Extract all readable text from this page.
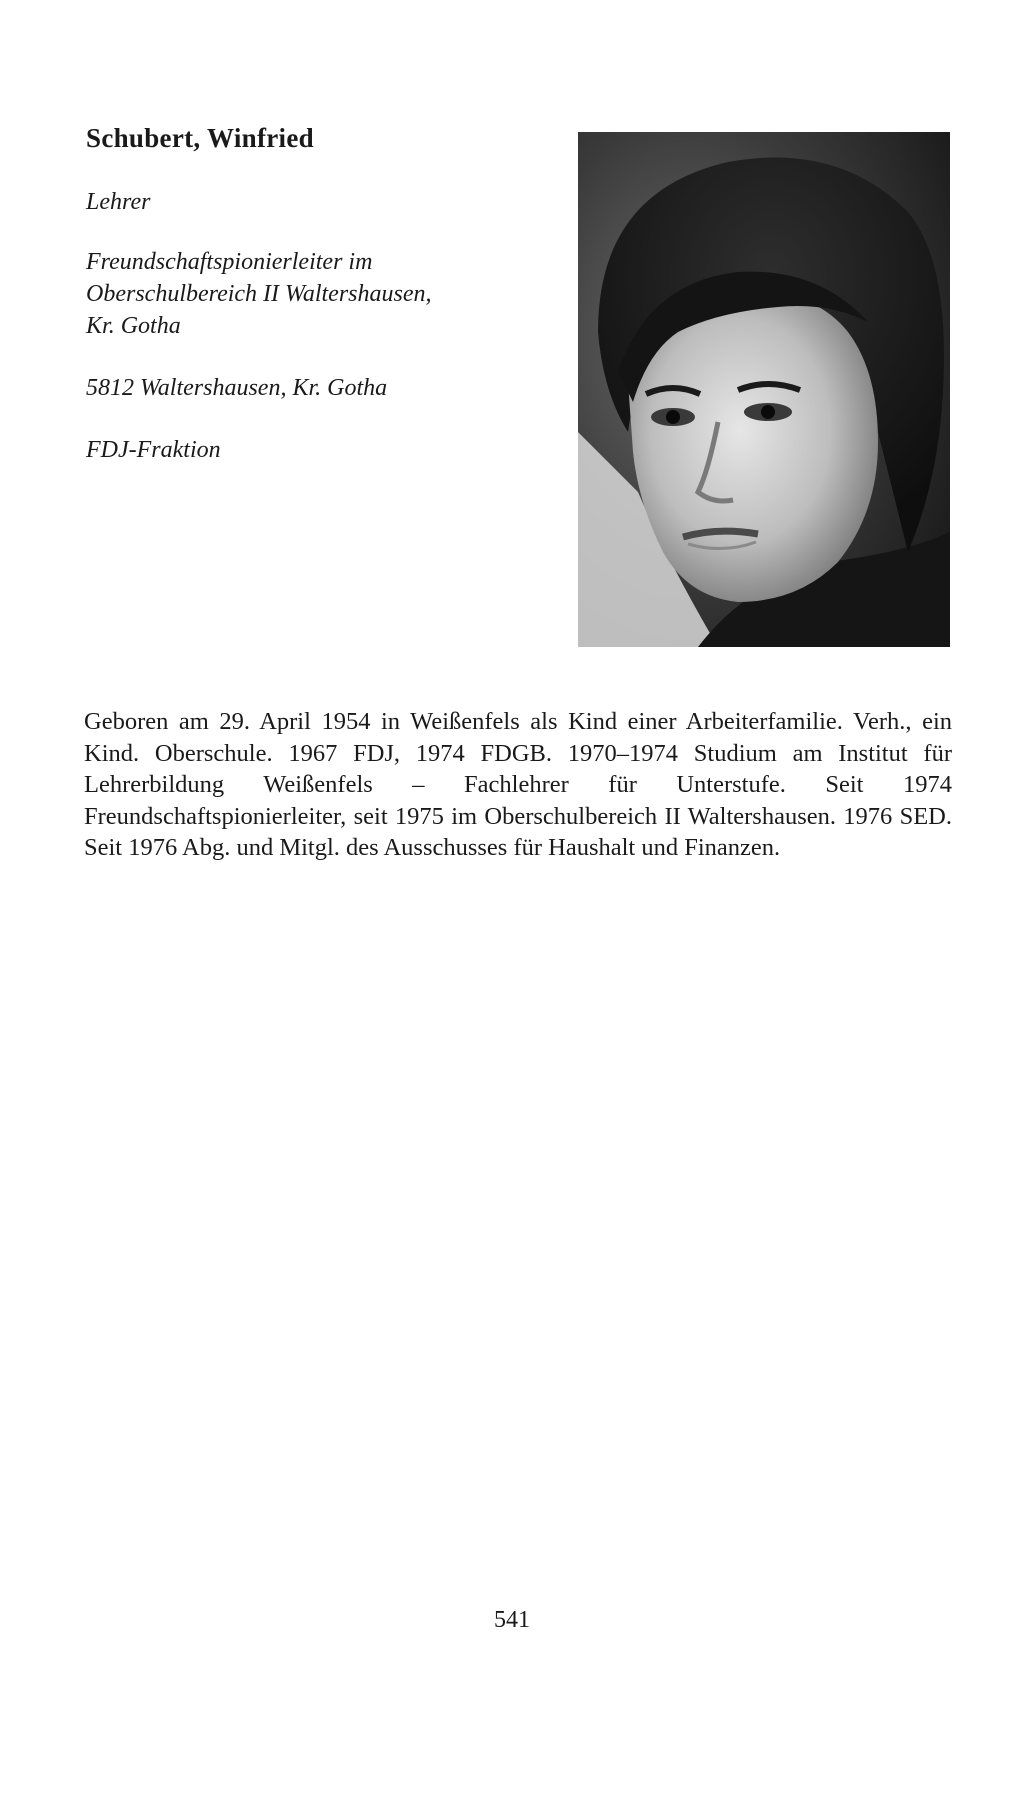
Schubert, Winfried
Lehrer
Freundschaftspionierleiter im
Oberschulbereich II Waltershausen,
Kr. Gotha
5812 Waltershausen, Kr. Gotha
FDJ-Fraktion

Geboren am 29. April 1954 in Weißenfels als Kind einer Arbeiterfamilie. Verh., ein Kind. Oberschule. 1967 FDJ, 1974 FDGB. 1970–1974 Studium am Institut für Lehrerbildung Weißenfels – Fachlehrer für Unterstufe. Seit 1974 Freundschaftspionierleiter, seit 1975 im Oberschulbereich II Waltershausen. 1976 SED. Seit 1976 Abg. und Mitgl. des Ausschusses für Haushalt und Finanzen.

541
